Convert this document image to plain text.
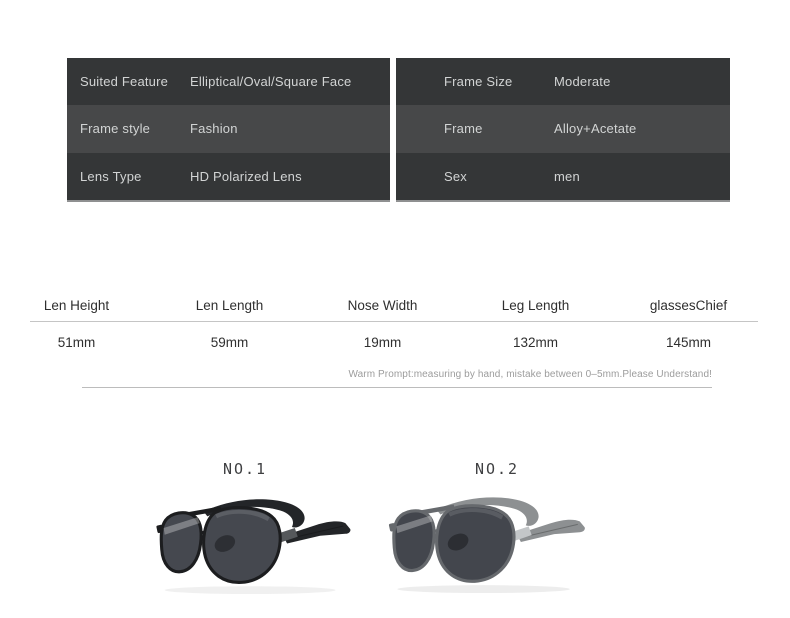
Suited Feature	Elliptical/Oval/Square Face
Frame style	Fashion
Lens Type	HD Polarized Lens
Frame Size	Moderate
Frame	Alloy+Acetate
Sex	men
Len Height	Len Length	Nose Width	Leg Length	glassesChief
51mm	59mm	19mm	132mm	145mm
Warm Prompt:measuring by hand, mistake between 0–5mm.Please Understand!
NO.1	NO.2
